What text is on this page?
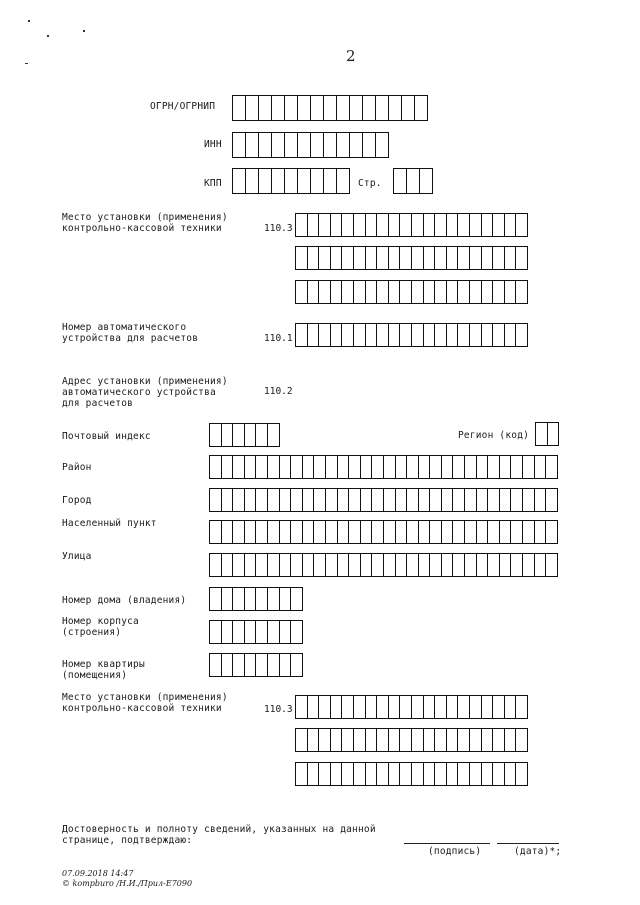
2
ОГРН/ОГРНИП
ИНН
КПП	Стр.
Место установки (применения)
контрольно-кассовой техники	110.3
Номер автоматического
устройства для расчетов	110.1
Адрес установки (применения)
автоматического устройства
для расчетов
110.2
Почтовый индекс	Регион (код)
Район
Город
Населенный пункт
Улица
Номер дома (владения)
Номер корпуса
(строения)
Номер квартиры
(помещения)
Место установки (применения)
контрольно-кассовой техники	110.3
Достоверность и полноту сведений, указанных на данной
странице, подтверждаю:
(подпись)	(дата)*;
07.09.2018 14:47
© kompburo /Н.И./Прил-Е7090
